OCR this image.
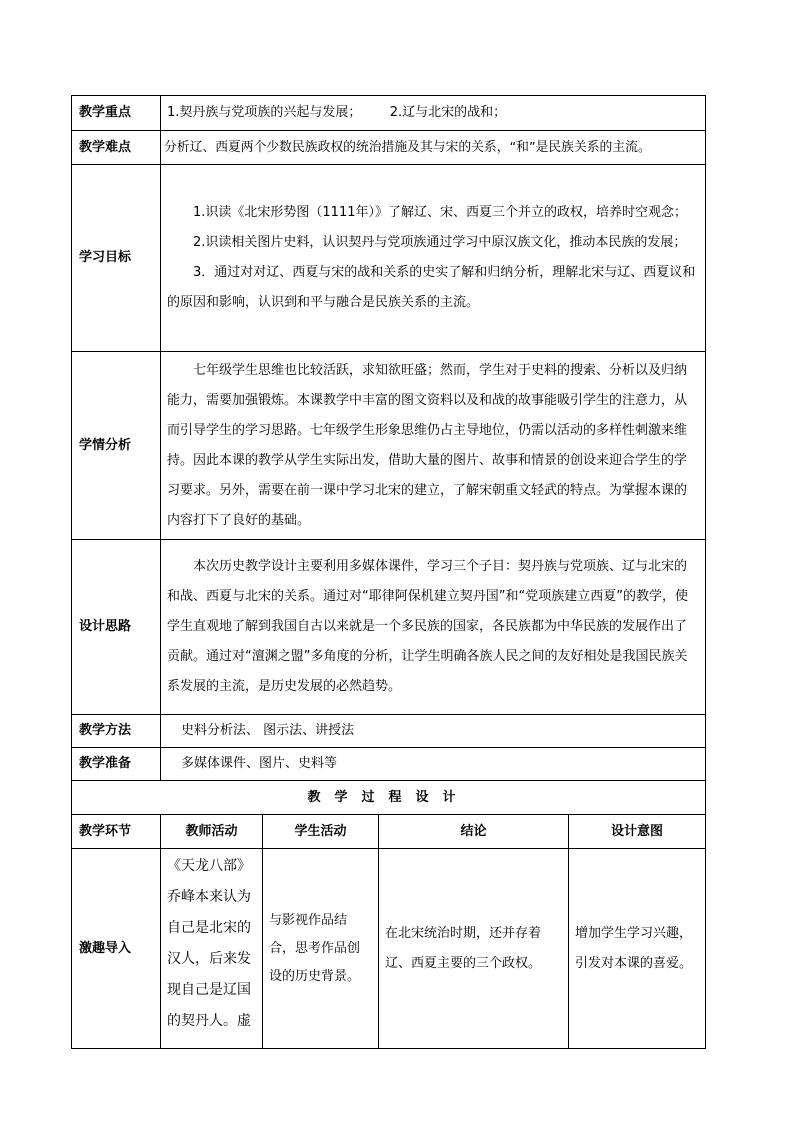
教学重点	1.契丹族与党项族的兴起与发展； 2.辽与北宋的战和；			
教学难点	分析辽、西夏两个少数民族政权的统治措施及其与宋的关系，“和”是民族关系的主流。			
学习目标	1.识读《北宋形势图（1111年）》了解辽、宋、西夏三个并立的政权，培养时空观念；

2.识读相关图片史料，认识契丹与党项族通过学习中原汉族文化，推动本民族的发展；

3．通过对对辽、西夏与宋的战和关系的史实了解和归纳分析，理解北宋与辽、西夏议和的原因和影响，认识到和平与融合是民族关系的主流。			

学情分析	七年级学生思维也比较活跃，求知欲旺盛；然而，学生对于史料的搜索、分析以及归纳能力，需要加强锻炼。本课教学中丰富的图文资料以及和战的故事能吸引学生的注意力，从而引导学生的学习思路。七年级学生形象思维仍占主导地位，仍需以活动的多样性刺激来维持。因此本课的教学从学生实际出发，借助大量的图片、故事和情景的创设来迎合学生的学习要求。另外，需要在前一课中学习北宋的建立，了解宋朝重文轻武的特点。为掌握本课的内容打下了良好的基础。			

设计思路	本次历史教学设计主要利用多媒体课件，学习三个子目：契丹族与党项族、辽与北宋的和战、西夏与北宋的关系。通过对“耶律阿保机建立契丹国”和“党项族建立西夏”的教学，使学生直观地了解到我国自古以来就是一个多民族的国家，各民族都为中华民族的发展作出了贡献。通过对“澶渊之盟”多角度的分析，让学生明确各族人民之间的友好相处是我国民族关系发展的主流，是历史发展的必然趋势。			

教学方法	史料分析法、 图示法、讲授法			
教学准备	多媒体课件、图片、史料等			
教学过程设计				
教学环节	教师活动	学生活动	结论	设计意图
激趣导入	《天龙八部》乔峰本来认为自己是北宋的汉人，后来发现自己是辽国的契丹人。虚	与影视作品结合，思考作品创设的历史背景。	在北宋统治时期，还并存着辽、西夏主要的三个政权。	增加学生学习兴趣，引发对本课的喜爱。
